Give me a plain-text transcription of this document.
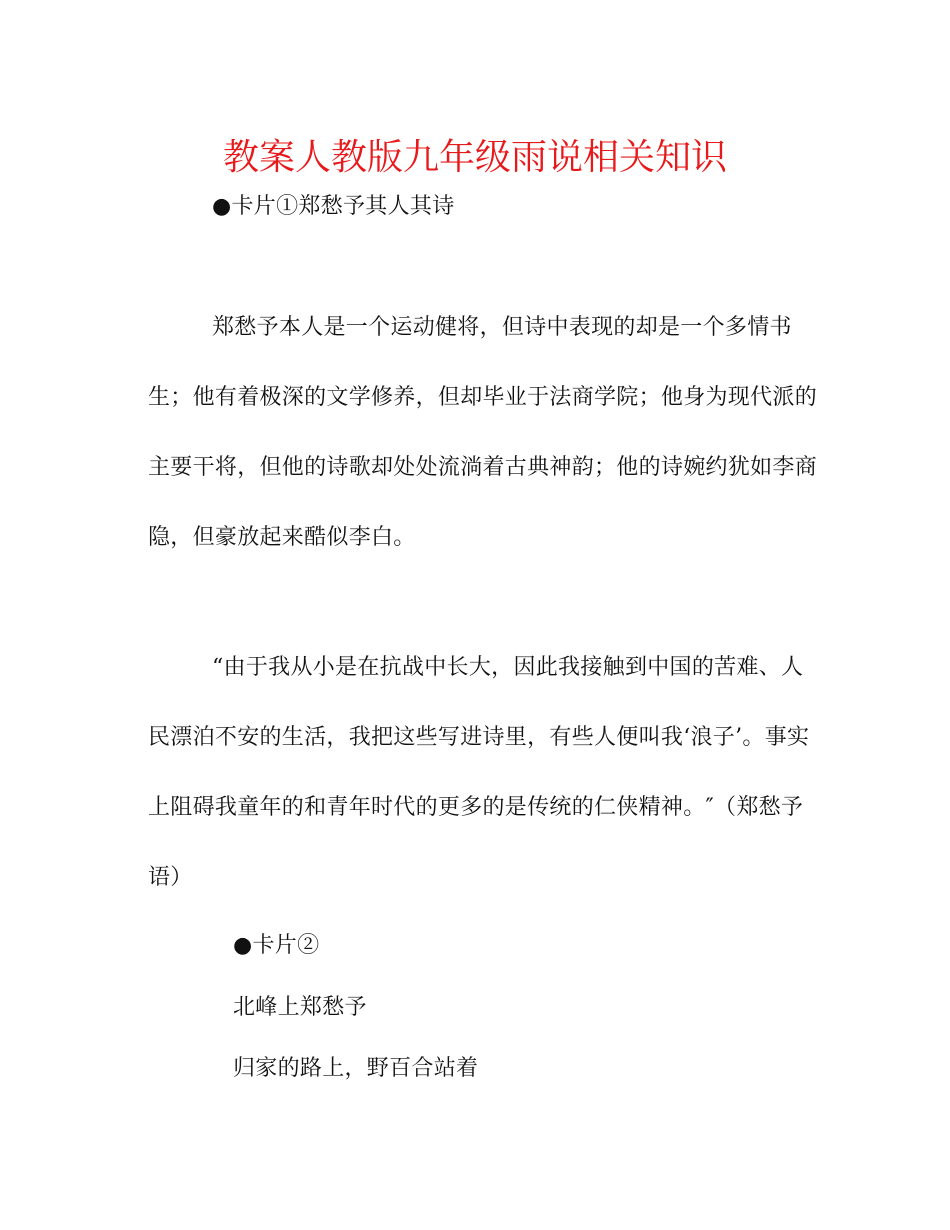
教案人教版九年级雨说相关知识
●卡片①郑愁予其人其诗
郑愁予本人是一个运动健将，但诗中表现的却是一个多情书
生；他有着极深的文学修养，但却毕业于法商学院；他身为现代派的
主要干将，但他的诗歌却处处流淌着古典神韵；他的诗婉约犹如李商
隐，但豪放起来酷似李白。
“由于我从小是在抗战中长大，因此我接触到中国的苦难、人
民漂泊不安的生活，我把这些写进诗里，有些人便叫我‘浪子’。事实
上阻碍我童年的和青年时代的更多的是传统的仁侠精神。″（郑愁予
语）
●卡片②
北峰上郑愁予
归家的路上，野百合站着
